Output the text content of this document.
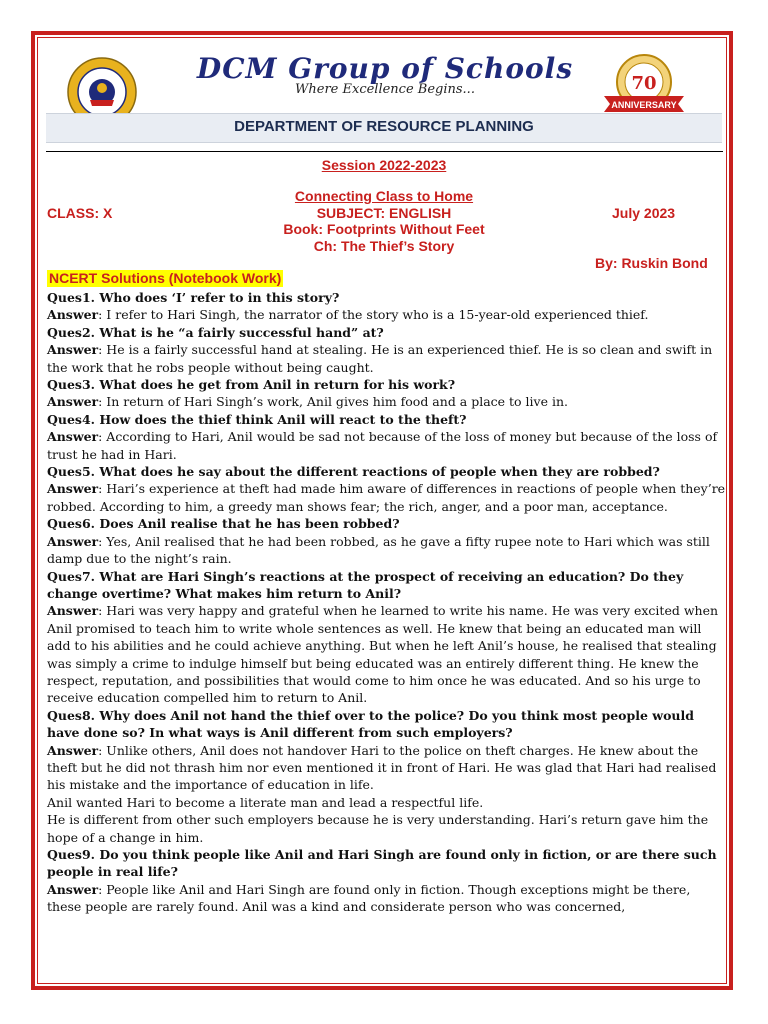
70
ANNIVERSARY
DCM Group of Schools
Where Excellence Begins...
DEPARTMENT OF RESOURCE PLANNING
Session 2022-2023
Connecting Class to Home
CLASS: X	SUBJECT: ENGLISH	July 2023
Book: Footprints Without Feet
Ch: The Thief’s Story
By: Ruskin Bond
NCERT Solutions (Notebook Work)

Ques1. Who does ‘I’ refer to in this story?

Answer: I refer to Hari Singh, the narrator of the story who is a 15-year-old experienced thief.

Ques2. What is he “a fairly successful hand” at?

Answer: He is a fairly successful hand at stealing. He is an experienced thief. He is so clean and swift in the work that he robs people without being caught.

Ques3. What does he get from Anil in return for his work?

Answer: In return of Hari Singh’s work, Anil gives him food and a place to live in.

Ques4. How does the thief think Anil will react to the theft?

Answer: According to Hari, Anil would be sad not because of the loss of money but because of the loss of trust he had in Hari.

Ques5. What does he say about the different reactions of people when they are robbed?

Answer: Hari’s experience at theft had made him aware of differences in reactions of people when they’re robbed. According to him, a greedy man shows fear; the rich, anger, and a poor man, acceptance.

Ques6. Does Anil realise that he has been robbed?

Answer: Yes, Anil realised that he had been robbed, as he gave a fifty rupee note to Hari which was still damp due to the night’s rain.

Ques7. What are Hari Singh’s reactions at the prospect of receiving an education? Do they change overtime? What makes him return to Anil?

Answer: Hari was very happy and grateful when he learned to write his name. He was very excited when Anil promised to teach him to write whole sentences as well. He knew that being an educated man will add to his abilities and he could achieve anything. But when he left Anil’s house, he realised that stealing was simply a crime to indulge himself but being educated was an entirely different thing. He knew the respect, reputation, and possibilities that would come to him once he was educated. And so his urge to receive education compelled him to return to Anil.

Ques8. Why does Anil not hand the thief over to the police? Do you think most people would have done so? In what ways is Anil different from such employers?

Answer: Unlike others, Anil does not handover Hari to the police on theft charges. He knew about the theft but he did not thrash him nor even mentioned it in front of Hari. He was glad that Hari had realised his mistake and the importance of education in life.

Anil wanted Hari to become a literate man and lead a respectful life.

He is different from other such employers because he is very understanding. Hari’s return gave him the hope of a change in him.

Ques9. Do you think people like Anil and Hari Singh are found only in fiction, or are there such people in real life?

Answer: People like Anil and Hari Singh are found only in fiction. Though exceptions might be there, these people are rarely found. Anil was a kind and considerate person who was concerned,
